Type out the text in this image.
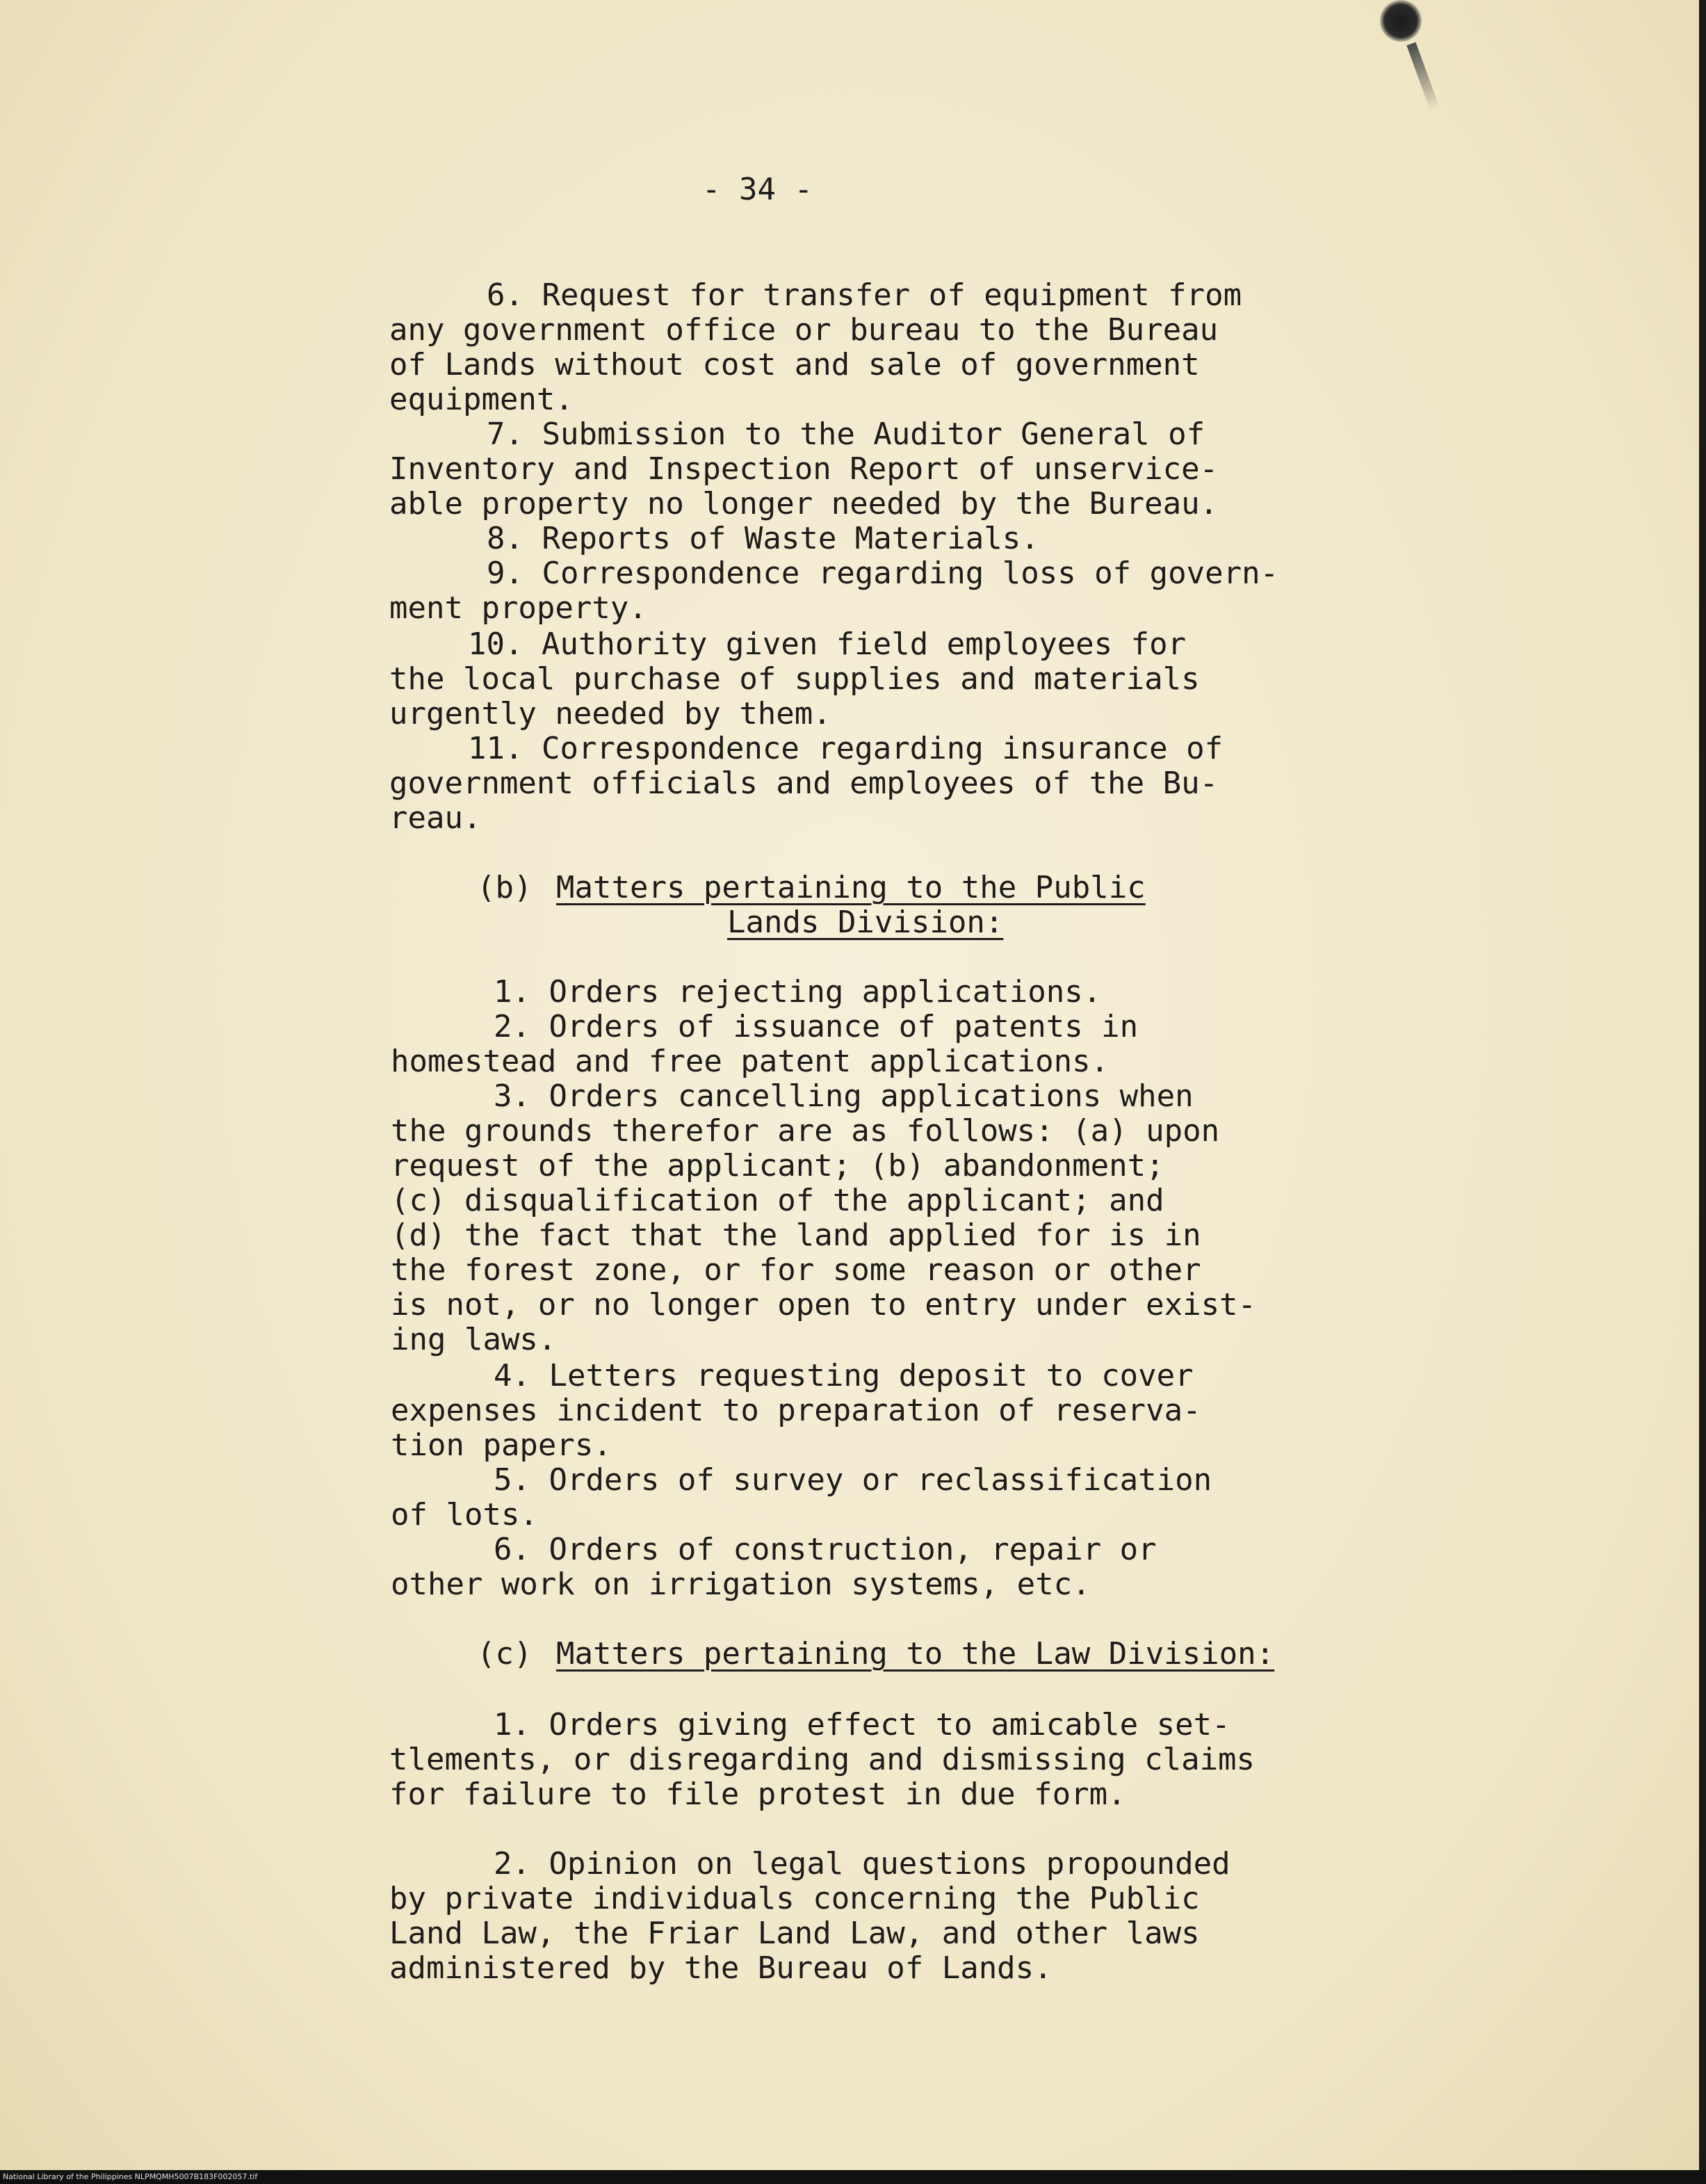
- 34 -
6. Request for transfer of equipment from
any government office or bureau to the Bureau
of Lands without cost and sale of government
equipment.
7. Submission to the Auditor General of
Inventory and Inspection Report of unservice-
able property no longer needed by the Bureau.
8. Reports of Waste Materials.
9. Correspondence regarding loss of govern-
ment property.
10. Authority given field employees for
the local purchase of supplies and materials
urgently needed by them.
11. Correspondence regarding insurance of
government officials and employees of the Bu-
reau.
(b) Matters pertaining to the Public
Lands Division:
1. Orders rejecting applications.
2. Orders of issuance of patents in
homestead and free patent applications.
3. Orders cancelling applications when
the grounds therefor are as follows: (a) upon
request of the applicant; (b) abandonment;
(c) disqualification of the applicant; and
(d) the fact that the land applied for is in
the forest zone, or for some reason or other
is not, or no longer open to entry under exist-
ing laws.
4. Letters requesting deposit to cover
expenses incident to preparation of reserva-
tion papers.
5. Orders of survey or reclassification
of lots.
6. Orders of construction, repair or
other work on irrigation systems, etc.
(c) Matters pertaining to the Law Division:
1. Orders giving effect to amicable set-
tlements, or disregarding and dismissing claims
for failure to file protest in due form.
2. Opinion on legal questions propounded
by private individuals concerning the Public
Land Law, the Friar Land Law, and other laws
administered by the Bureau of Lands.
National Library of the Philippines NLPMQMH5007B183F002057.tif
